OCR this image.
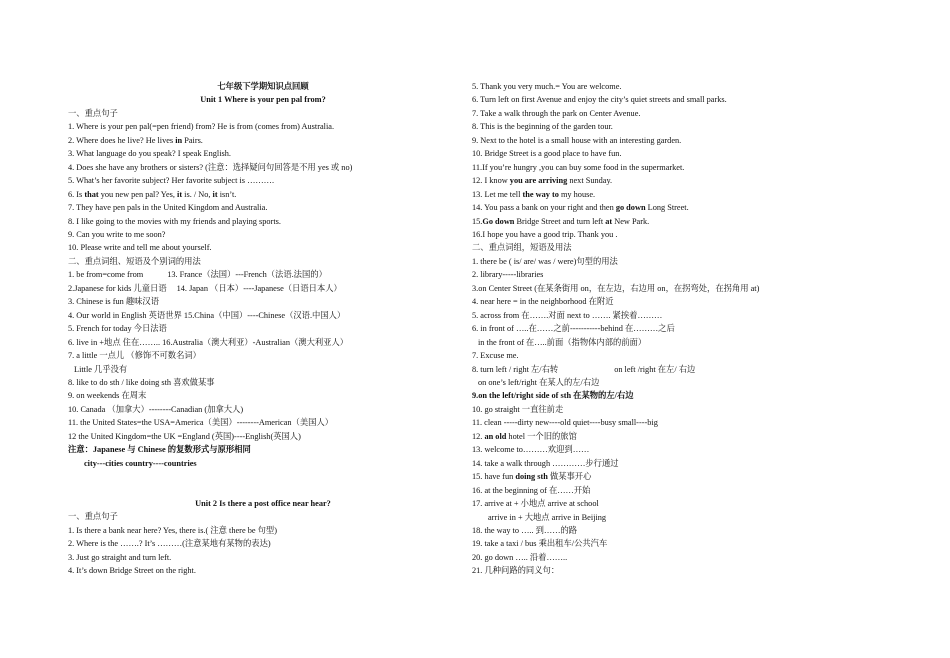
七年级下学期知识点回顾
Unit 1 Where is your pen pal from?
一、重点句子
1. Where is your pen pal(=pen friend) from? He is from (comes from) Australia.
2. Where does he live? He lives in Pairs.
3. What language do you speak? I speak English.
4. Does she have any brothers or sisters? (注意：选择疑问句回答是不用 yes 或 no)
5. What’s her favorite subject? Her favorite subject is ……….
6. Is that you new pen pal? Yes, it is. / No, it isn’t.
7. They have pen pals in the United Kingdom and Australia.
8. I like going to the movies with my friends and playing sports.
9. Can you write to me soon?
10. Please write and tell me about yourself.
二、重点词组、短语及个别词的用法
1. be from=come from	13. France（法国）---French（法语.法国的）
2.Japanese for kids 儿童日语 14. Japan （日本）----Japanese（日语日本人）
3. Chinese is fun 趣味汉语
4. Our world in English 英语世界 15.China（中国）----Chinese（汉语.中国人）
5. French for today 今日法语
6. live in +地点 住在…….. 16.Australia（澳大利亚）-Australian（澳大利亚人）
7. a little 一点儿 （修饰不可数名词）
Little 几乎没有
8. like to do sth / like doing sth 喜欢做某事
9. on weekends 在周末
10. Canada （加拿大）--------Canadian (加拿大人)
11. the United States=the USA=America（美国）--------American（美国人）
12 the United Kingdom=the UK =England (英国)----English(英国人)
注意：Japanese 与 Chinese 的复数形式与原形相同
city---cities country----countries
Unit 2 Is there a post office near hear?
一、重点句子
1. Is there a bank near here? Yes, there is.( 注意 there be 句型)
2. Where is the …….? It’s ………(注意某地有某物的表达)
3. Just go straight and turn left.
4. It’s down Bridge Street on the right.
5. Thank you very much.= You are welcome.
6. Turn left on first Avenue and enjoy the city’s quiet streets and small parks.
7. Take a walk through the park on Center Avenue.
8. This is the beginning of the garden tour.
9. Next to the hotel is a small house with an interesting garden.
10. Bridge Street is a good place to have fun.
11.If you’re hungry ,you can buy some food in the supermarket.
12. I know you are arriving next Sunday.
13. Let me tell the way to my house.
14. You pass a bank on your right and then go down Long Street.
15.Go down Bridge Street and turn left at New Park.
16.I hope you have a good trip. Thank you .
二、重点词组，短语及用法
1. there be ( is/ are/ was / were)句型的用法
2. library-----libraries
3.on Center Street (在某条街用 on，在左边，右边用 on，在拐弯处，在拐角用 at)
4. near here = in the neighborhood 在附近
5. across from 在…….对面 next to ……. 紧挨着………
6. in front of …..在……之前-----------behind 在………之后
in the front of 在…..前面（指物体内部的前面）
7. Excuse me.
8. turn left / right 左/右转	on left /right 在左/ 右边
on one’s left/right 在某人的左/右边
9.on the left/right side of sth 在某物的左/右边
10. go straight 一直往前走
11. clean -----dirty new----old quiet----busy small----big
12. an old hotel 一个旧的旅馆
13. welcome to………欢迎到……
14. take a walk through …………步行通过
15. have fun doing sth 做某事开心
16. at the beginning of 在……开始
17. arrive at + 小地点 arrive at school
arrive in + 大地点 arrive in Beijing
18. the way to ….. 到……的路
19. take a taxi / bus 乘出租车/公共汽车
20. go down ….. 沿着……..
21. 几种问路的同义句：
